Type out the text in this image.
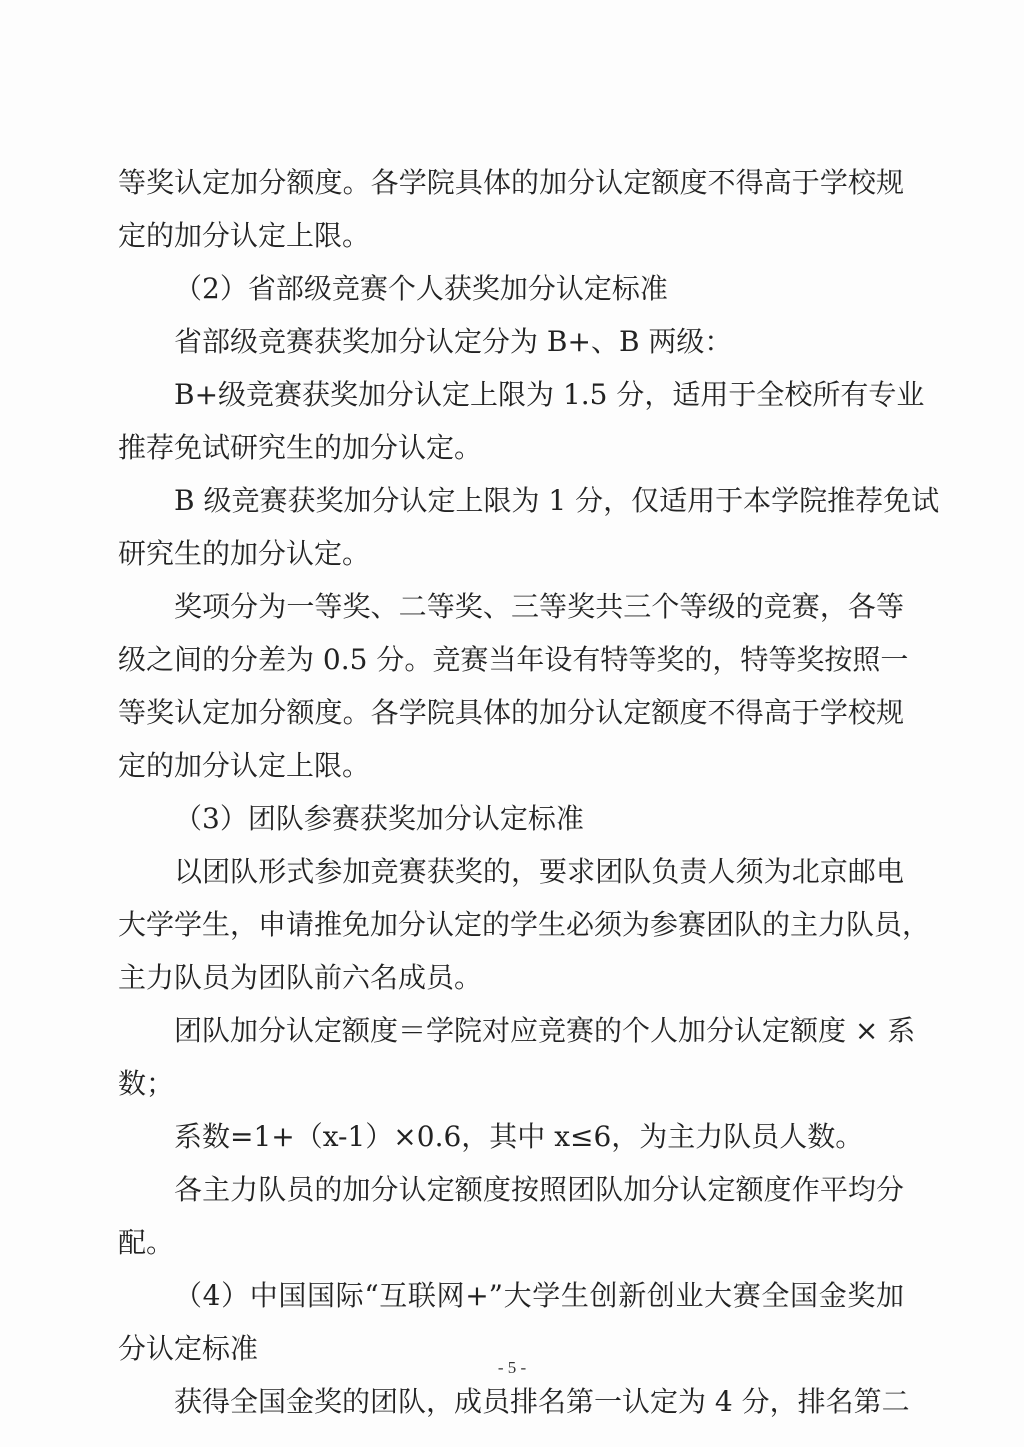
等奖认定加分额度。各学院具体的加分认定额度不得高于学校规
定的加分认定上限。
（2）省部级竞赛个人获奖加分认定标准
省部级竞赛获奖加分认定分为 B+、B 两级：
B+级竞赛获奖加分认定上限为 1.5 分，适用于全校所有专业
推荐免试研究生的加分认定。
B 级竞赛获奖加分认定上限为 1 分，仅适用于本学院推荐免试
研究生的加分认定。
奖项分为一等奖、二等奖、三等奖共三个等级的竞赛，各等
级之间的分差为 0.5 分。竞赛当年设有特等奖的，特等奖按照一
等奖认定加分额度。各学院具体的加分认定额度不得高于学校规
定的加分认定上限。
（3）团队参赛获奖加分认定标准
以团队形式参加竞赛获奖的，要求团队负责人须为北京邮电
大学学生，申请推免加分认定的学生必须为参赛团队的主力队员，
主力队员为团队前六名成员。
团队加分认定额度＝学院对应竞赛的个人加分认定额度 × 系
数；
系数=1+（x-1）×0.6，其中 x≤6，为主力队员人数。
各主力队员的加分认定额度按照团队加分认定额度作平均分
配。
（4）中国国际“互联网+”大学生创新创业大赛全国金奖加
分认定标准
获得全国金奖的团队，成员排名第一认定为 4 分，排名第二
- 5 -
